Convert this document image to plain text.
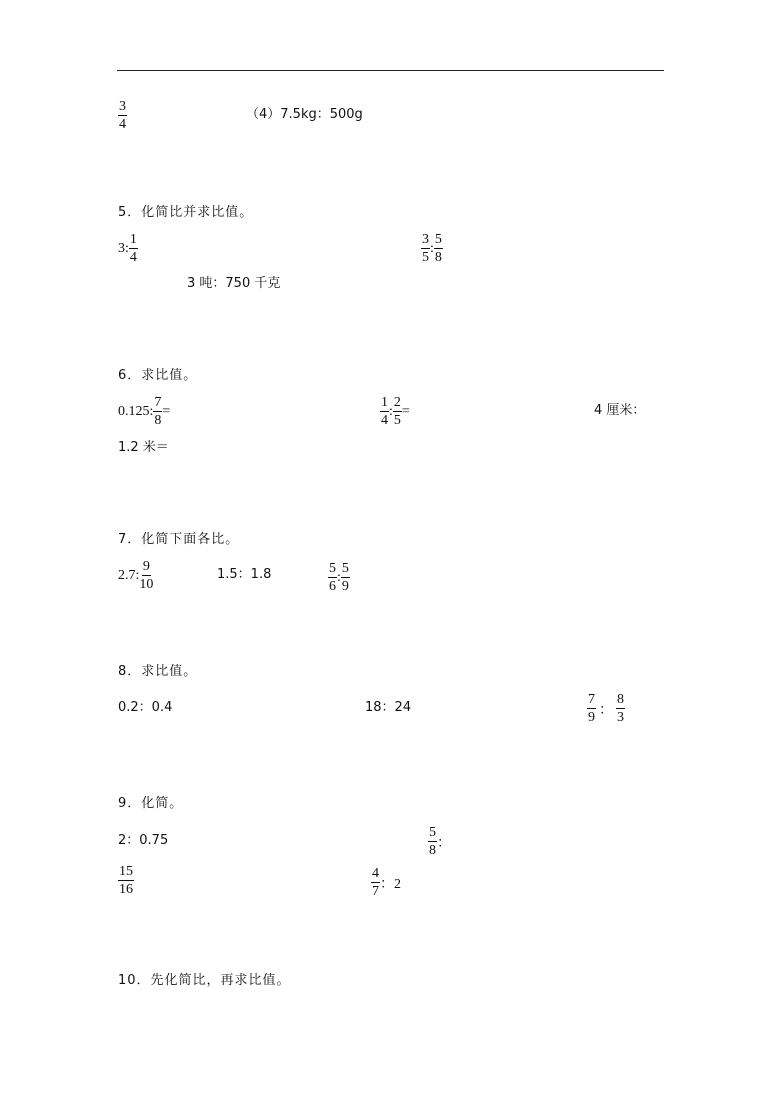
$\frac{3}{4}$	（4）7.5kg：500g
5．化简比并求比值。
3: $\frac{1}{4}$	$\frac{3}{5}$ : $\frac{5}{8}$
3 吨：750 千克
6．求比值。
0.125: $\frac{7}{8}$ =	$\frac{1}{4}$ : $\frac{2}{5}$ =	4 厘米：
1.2 米＝
7．化简下面各比。
2.7: $\frac{9}{10}$	1.5：1.8	$\frac{5}{6}$ : $\frac{5}{9}$
8．求比值。
0.2：0.4	18：24	$\frac{7}{9}$ ： $\frac{8}{3}$
9．化简。
2：0.75	$\frac{5}{8}$ ：
$\frac{15}{16}$	$\frac{4}{7}$ ：2
10．先化简比，再求比值。
